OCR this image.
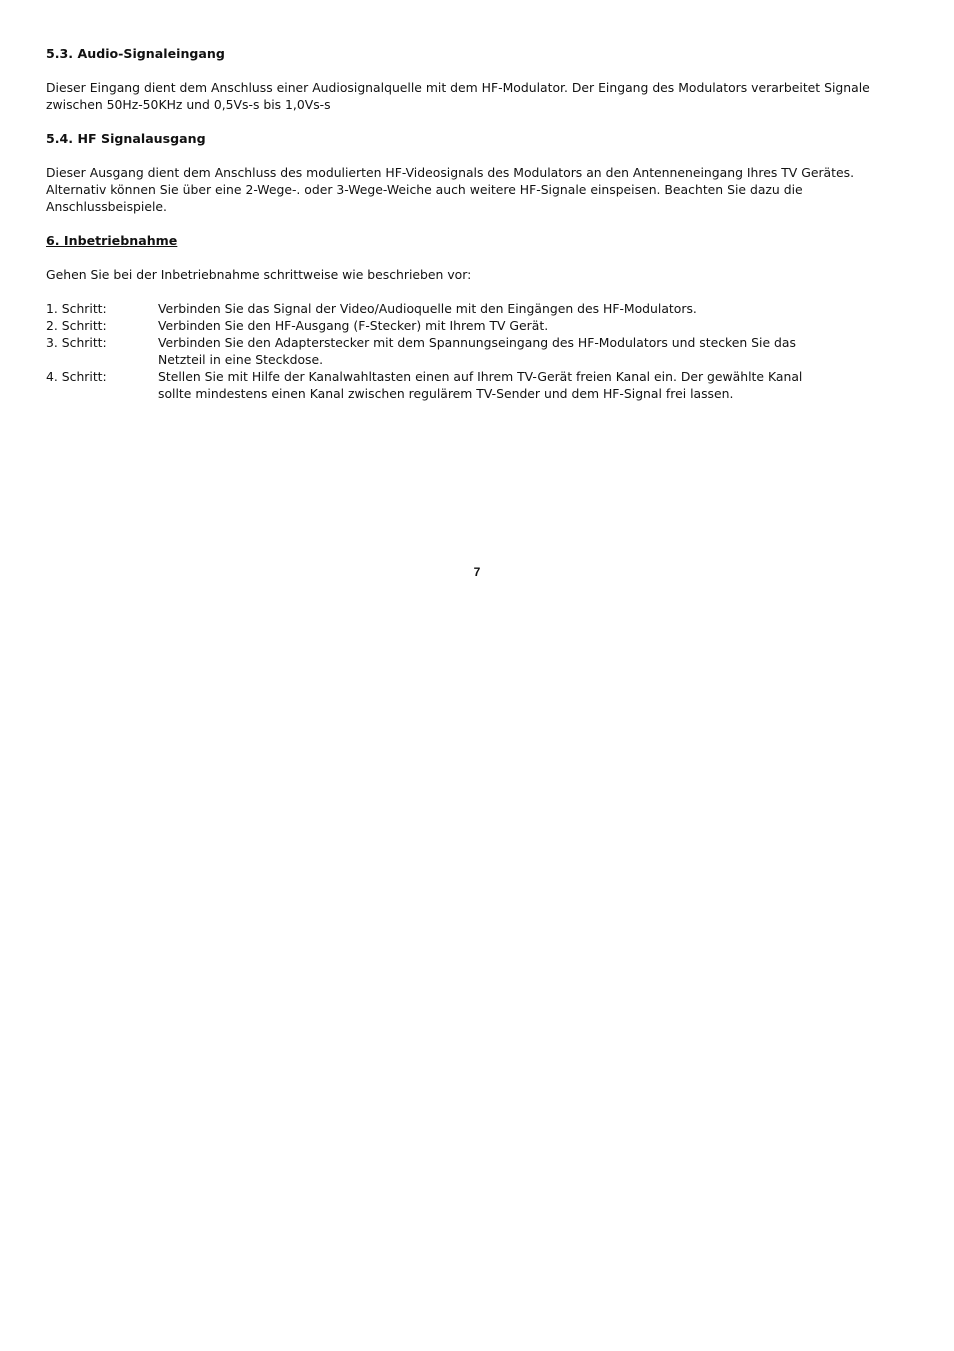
5.3. Audio-Signaleingang

Dieser Eingang dient dem Anschluss einer Audiosignalquelle mit dem HF-Modulator. Der Eingang des Modulators verarbeitet Signale zwischen 50Hz-50KHz und 0,5Vs-s bis 1,0Vs-s

5.4. HF Signalausgang

Dieser Ausgang dient dem Anschluss des modulierten HF-Videosignals des Modulators an den Antenneneingang Ihres TV Gerätes.

Alternativ können Sie über eine 2-Wege-. oder 3-Wege-Weiche auch weitere HF-Signale einspeisen. Beachten Sie dazu die Anschlussbeispiele.

6. Inbetriebnahme

Gehen Sie bei der Inbetriebnahme schrittweise wie beschrieben vor:

1. Schritt:	Verbinden Sie das Signal der Video/Audioquelle mit den Eingängen des HF-Modulators.
2. Schritt:	Verbinden Sie den HF-Ausgang (F-Stecker) mit Ihrem TV Gerät.
3. Schritt:	Verbinden Sie den Adapterstecker mit dem Spannungseingang des HF-Modulators und stecken Sie das Netzteil in eine Steckdose.
4. Schritt:	Stellen Sie mit Hilfe der Kanalwahltasten einen auf Ihrem TV-Gerät freien Kanal ein. Der gewählte Kanal sollte mindestens einen Kanal zwischen regulärem TV-Sender und dem HF-Signal frei lassen.
7
